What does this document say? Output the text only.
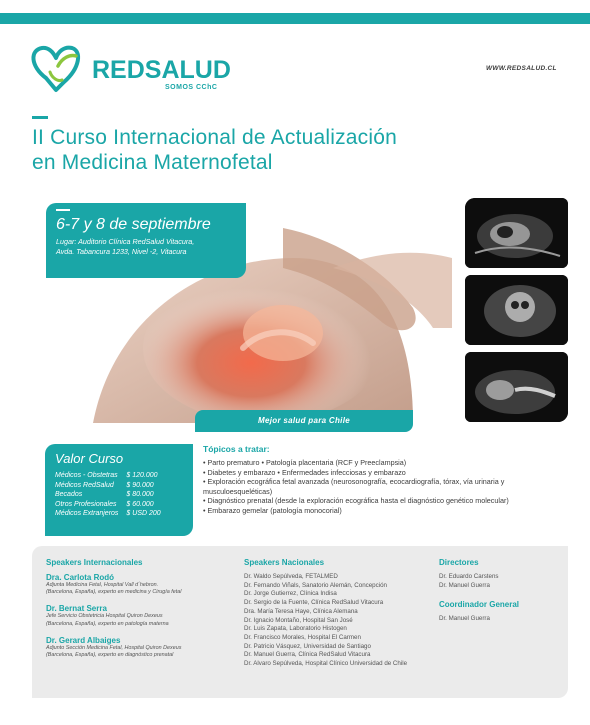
REDSALUD
SOMOS CChC
WWW.REDSALUD.CL
II Curso Internacional de Actualización
en Medicina Maternofetal
6-7 y 8 de septiembre
Lugar: Auditorio Clínica RedSalud Vitacura,
Avda. Tabancura 1233, Nivel -2, Vitacura
Mejor salud para Chile
Valor Curso
Médicos - Obstetras	$ 120.000
Médicos RedSalud	$ 90.000
Becados	$ 80.000
Otros Profesionales	$ 60.000
Médicos Extranjeros	$ USD 200
Tópicos a tratar:
• Parto prematuro • Patología placentaria (RCF y Preeclampsia)
• Diabetes y embarazo • Enfermedades infecciosas y embarazo
• Exploración ecográfica fetal avanzada (neurosonografía, ecocardiografía, tórax, vía urinaria y
musculoesqueléticas)
• Diagnóstico prenatal (desde la exploración ecográfica hasta el diagnóstico genético molecular)
• Embarazo gemelar (patología monocorial)
Speakers Internacionales
Dra. Carlota Rodó
Adjunta Medicina Fetal, Hospital Vall d´hebron.
(Barcelona, España), experto en medicina y Cirugía fetal
Dr. Bernat Serra
Jefe Servicio Obstetricia Hospital Quiron Dexeus
(Barcelona, España), experto en patología materna
Dr. Gerard Albaiges
Adjunto Sección Medicina Fetal, Hospital Quiron Dexeus
(Barcelona, España), experto en diagnóstico prenatal
Speakers Nacionales
Dr. Waldo Sepúlveda, FETALMED
Dr. Fernando Viñals, Sanatorio Alemán, Concepción
Dr. Jorge Gutierrez, Clínica Indisa
Dr. Sergio de la Fuente, Clínica RedSalud Vitacura
Dra. María Teresa Haye, Clínica Alemana
Dr. Ignacio Montaño, Hospital San José
Dr. Luis Zapata, Laboratorio Histogen
Dr. Francisco Morales, Hospital El Carmen
Dr. Patricio Vásquez, Universidad de Santiago
Dr. Manuel Guerra, Clínica RedSalud Vitacura
Dr. Alvaro Sepúlveda, Hospital Clínico Universidad de Chile
Directores
Dr. Eduardo Carstens
Dr. Manuel Guerra
Coordinador General
Dr. Manuel Guerra
